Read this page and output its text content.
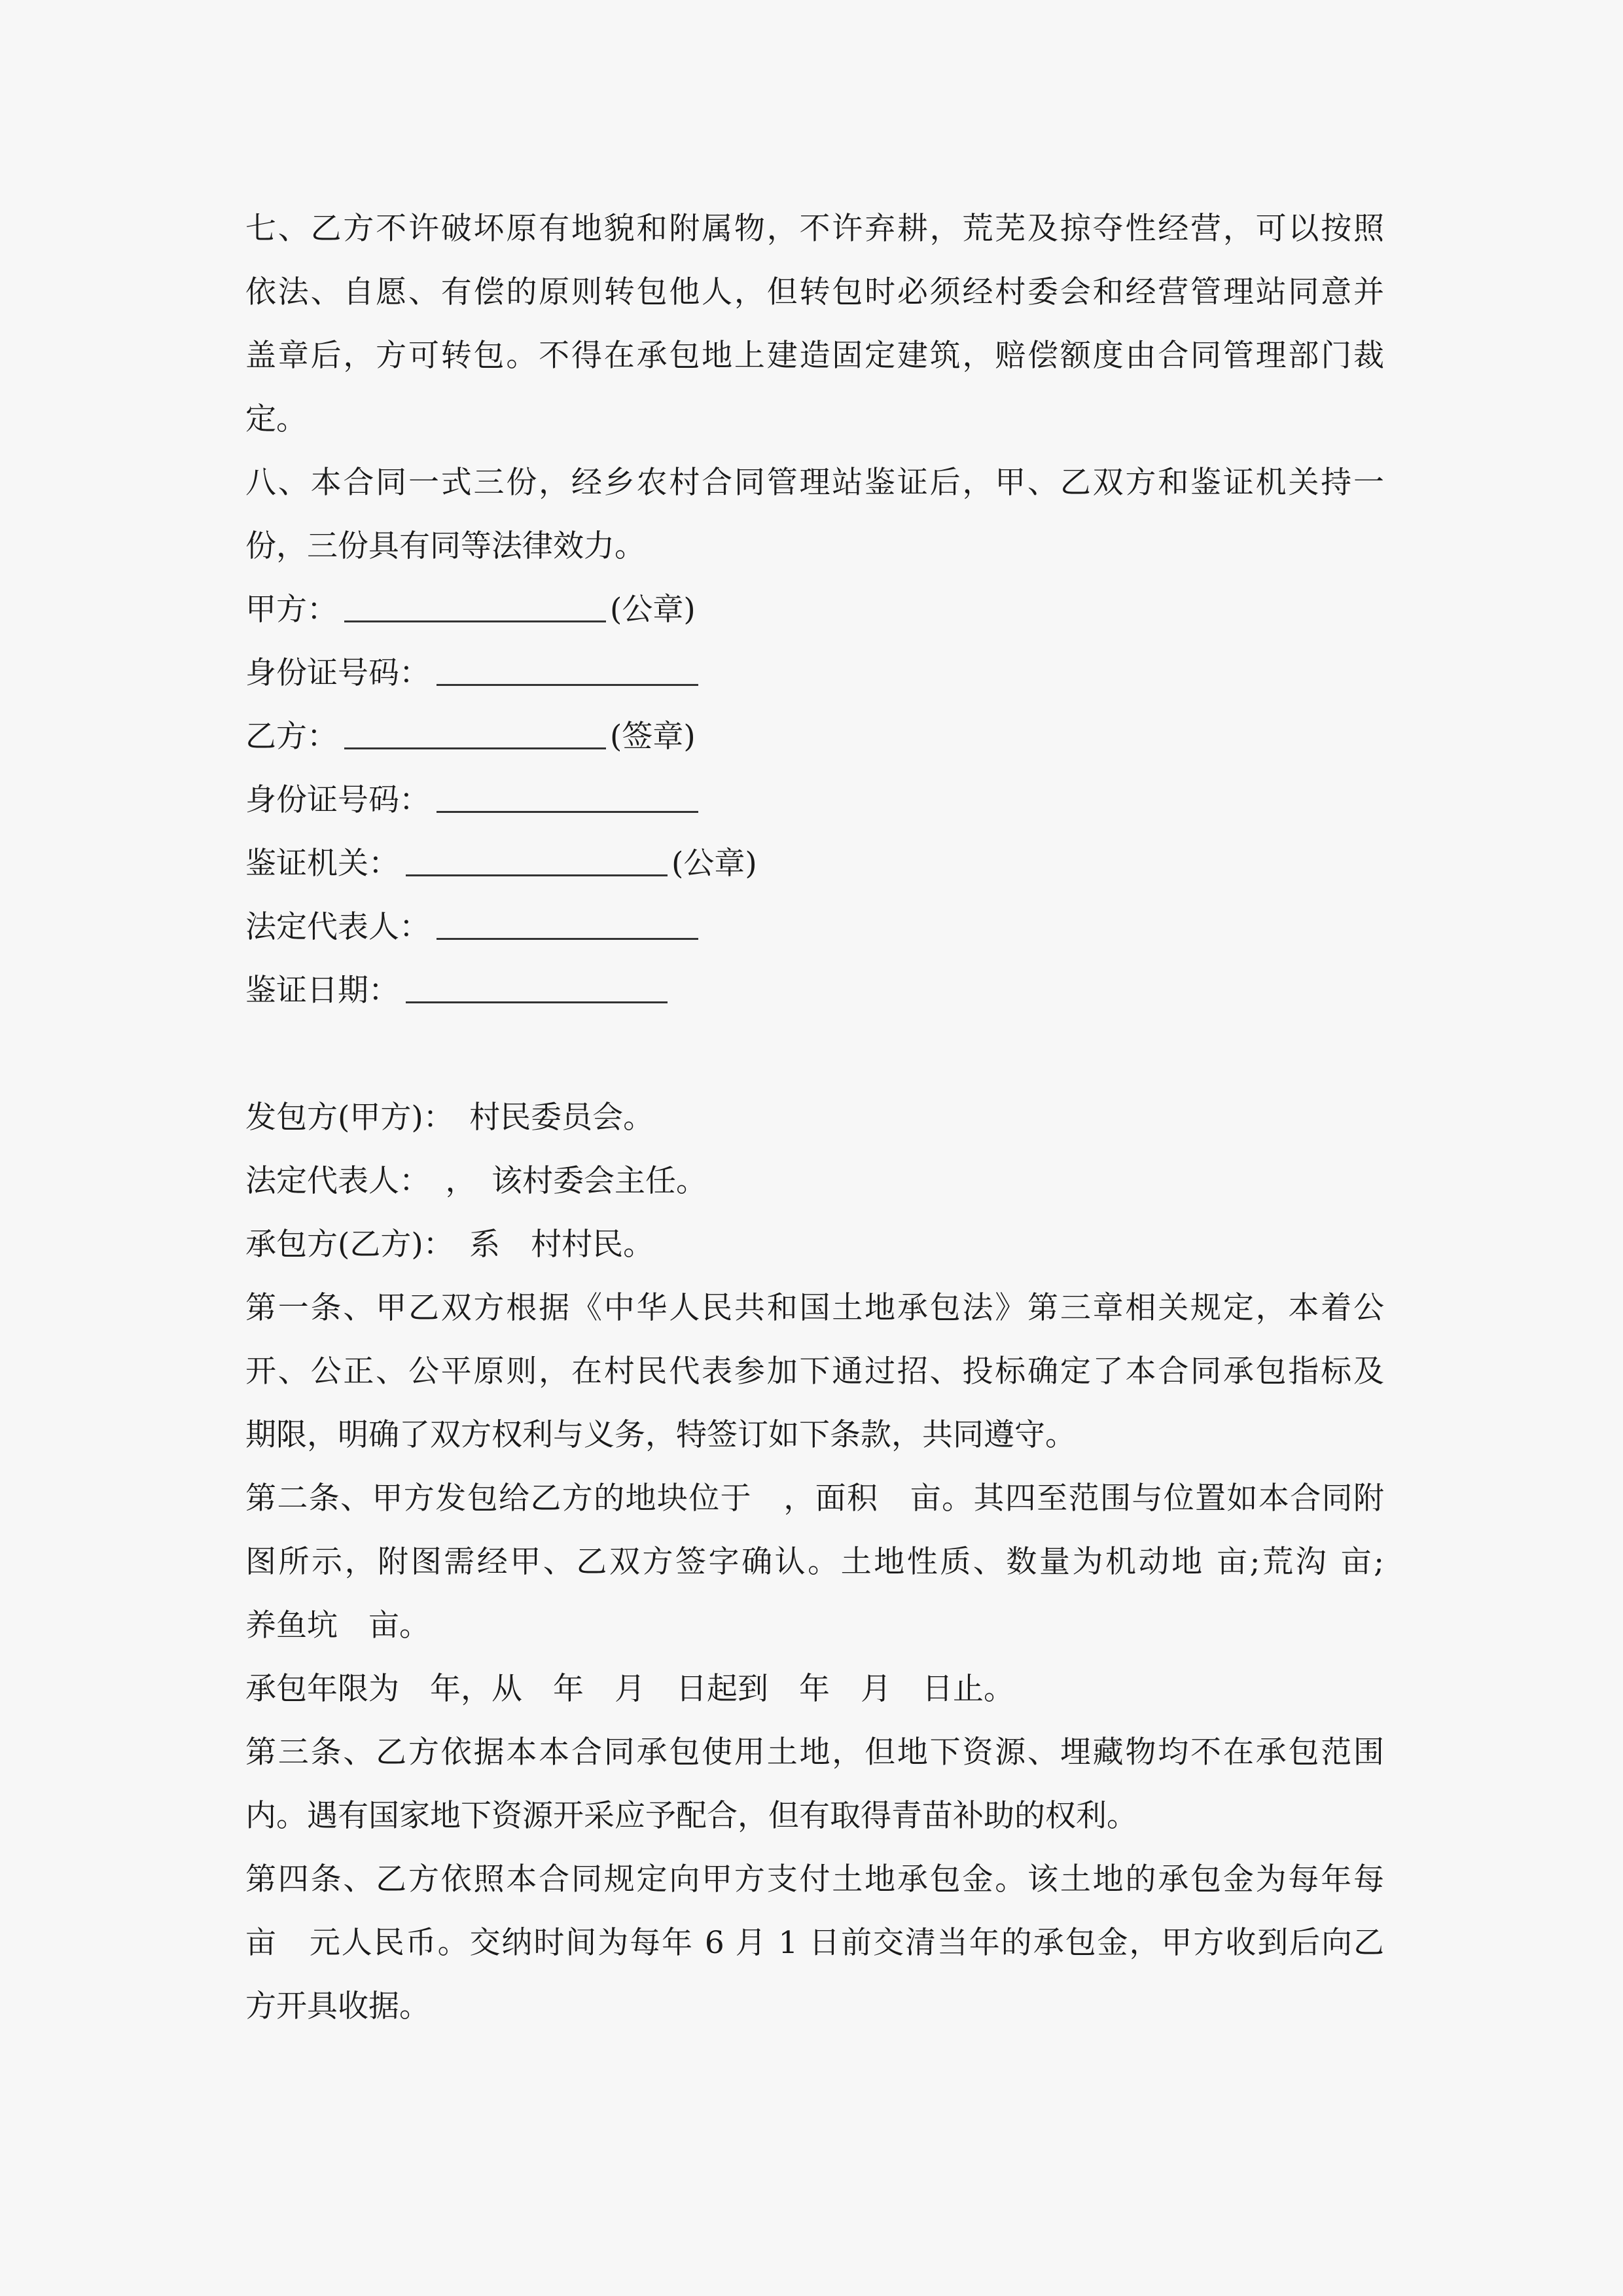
七、乙方不许破坏原有地貌和附属物，不许弃耕，荒芜及掠夺性经营，可以按照
依法、自愿、有偿的原则转包他人，但转包时必须经村委会和经营管理站同意并
盖章后，方可转包。不得在承包地上建造固定建筑，赔偿额度由合同管理部门裁
定。
八、本合同一式三份，经乡农村合同管理站鉴证后，甲、乙双方和鉴证机关持一
份，三份具有同等法律效力。
甲方：	(公章)
身份证号码：
乙方：	(签章)
身份证号码：
鉴证机关：	(公章)
法定代表人：
鉴证日期：
发包方(甲方)：　村民委员会。
法定代表人：　，　该村委会主任。
承包方(乙方)：　系　村村民。
第一条、甲乙双方根据《中华人民共和国土地承包法》第三章相关规定，本着公
开、公正、公平原则，在村民代表参加下通过招、投标确定了本合同承包指标及
期限，明确了双方权利与义务，特签订如下条款，共同遵守。
第二条、甲方发包给乙方的地块位于　，面积　亩。其四至范围与位置如本合同附
图所示，附图需经甲、乙双方签字确认。土地性质、数量为机动地 亩;荒沟 亩;
养鱼坑　亩。
承包年限为　年，从　年　月　日起到　年　月　日止。
第三条、乙方依据本本合同承包使用土地，但地下资源、埋藏物均不在承包范围
内。遇有国家地下资源开采应予配合，但有取得青苗补助的权利。
第四条、乙方依照本合同规定向甲方支付土地承包金。该土地的承包金为每年每
亩　元人民币。交纳时间为每年 6 月 1 日前交清当年的承包金，甲方收到后向乙
方开具收据。
